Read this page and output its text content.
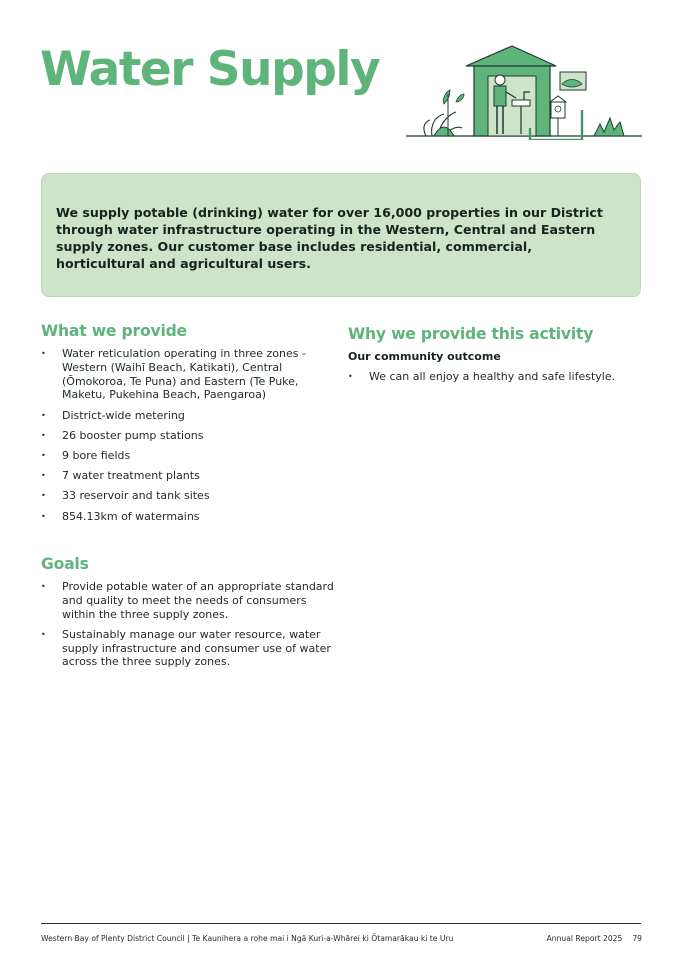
Water Supply

We supply potable (drinking) water for over 16,000 properties in our District through water infrastructure operating in the Western, Central and Eastern supply zones. Our customer base includes residential, commercial, horticultural and agricultural users.

What we provide
• Water reticulation operating in three zones - Western (Waihī Beach, Katikati), Central (Ōmokoroa, Te Puna) and Eastern (Te Puke, Maketu, Pukehina Beach, Paengaroa)
• District-wide metering
• 26 booster pump stations
• 9 bore fields
• 7 water treatment plants
• 33 reservoir and tank sites
• 854.13km of watermains
Why we provide this activity
Our community outcome
• We can all enjoy a healthy and safe lifestyle.
Goals
• Provide potable water of an appropriate standard and quality to meet the needs of consumers within the three supply zones.
• Sustainably manage our water resource, water supply infrastructure and consumer use of water across the three supply zones.
Western Bay of Plenty District Council | Te Kaunihera a rohe mai i Ngā Kuri-a-Whārei ki Ōtamarākau ki te Uru	Annual Report 2025 79
